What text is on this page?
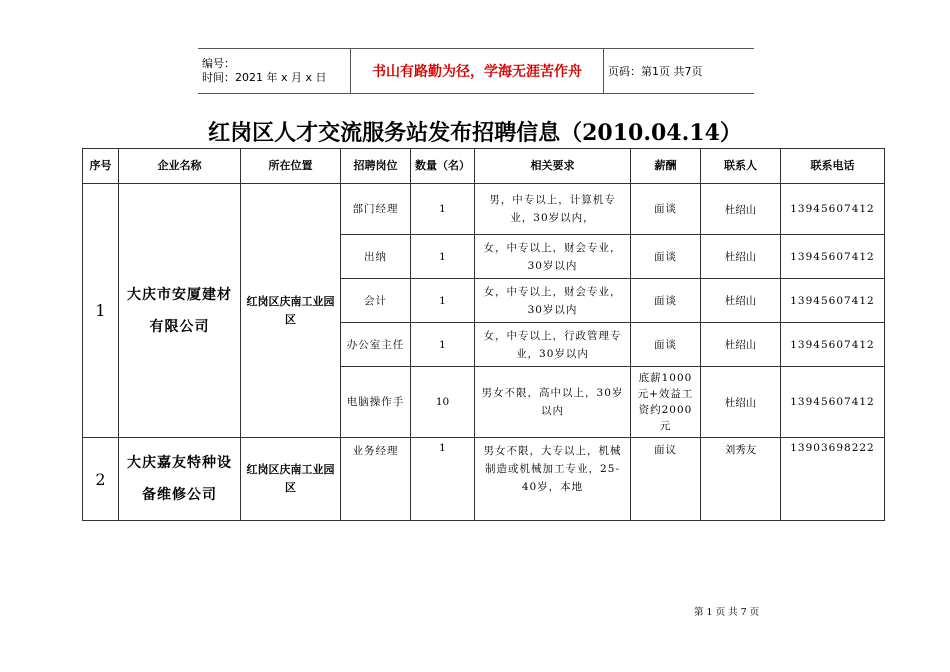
编号：
时间：2021 年 x 月 x 日	书山有路勤为径，学海无涯苦作舟	页码：第1页 共7页
红岗区人才交流服务站发布招聘信息（2010.04.14）
序号	企业名称	所在位置	招聘岗位	数量（名）	相关要求	薪酬	联系人	联系电话
1	大庆市安厦建材有限公司	红岗区庆南工业园区	部门经理	1	男，中专以上，计算机专业，30岁以内，	面谈	杜绍山	13945607412
			出纳	1	女，中专以上，财会专业，30岁以内	面谈	杜绍山	13945607412
			会计	1	女，中专以上，财会专业，30岁以内	面谈	杜绍山	13945607412
			办公室主任	1	女，中专以上，行政管理专业，30岁以内	面谈	杜绍山	13945607412
			电脑操作手	10	男女不限，高中以上，30岁以内	底薪1000元+效益工资约2000元	杜绍山	13945607412
2	大庆嘉友特种设备维修公司	红岗区庆南工业园区	业务经理	1	男女不限，大专以上，机械制造或机械加工专业，25-40岁，本地	面议	刘秀友	13903698222
第 1 页 共 7 页
